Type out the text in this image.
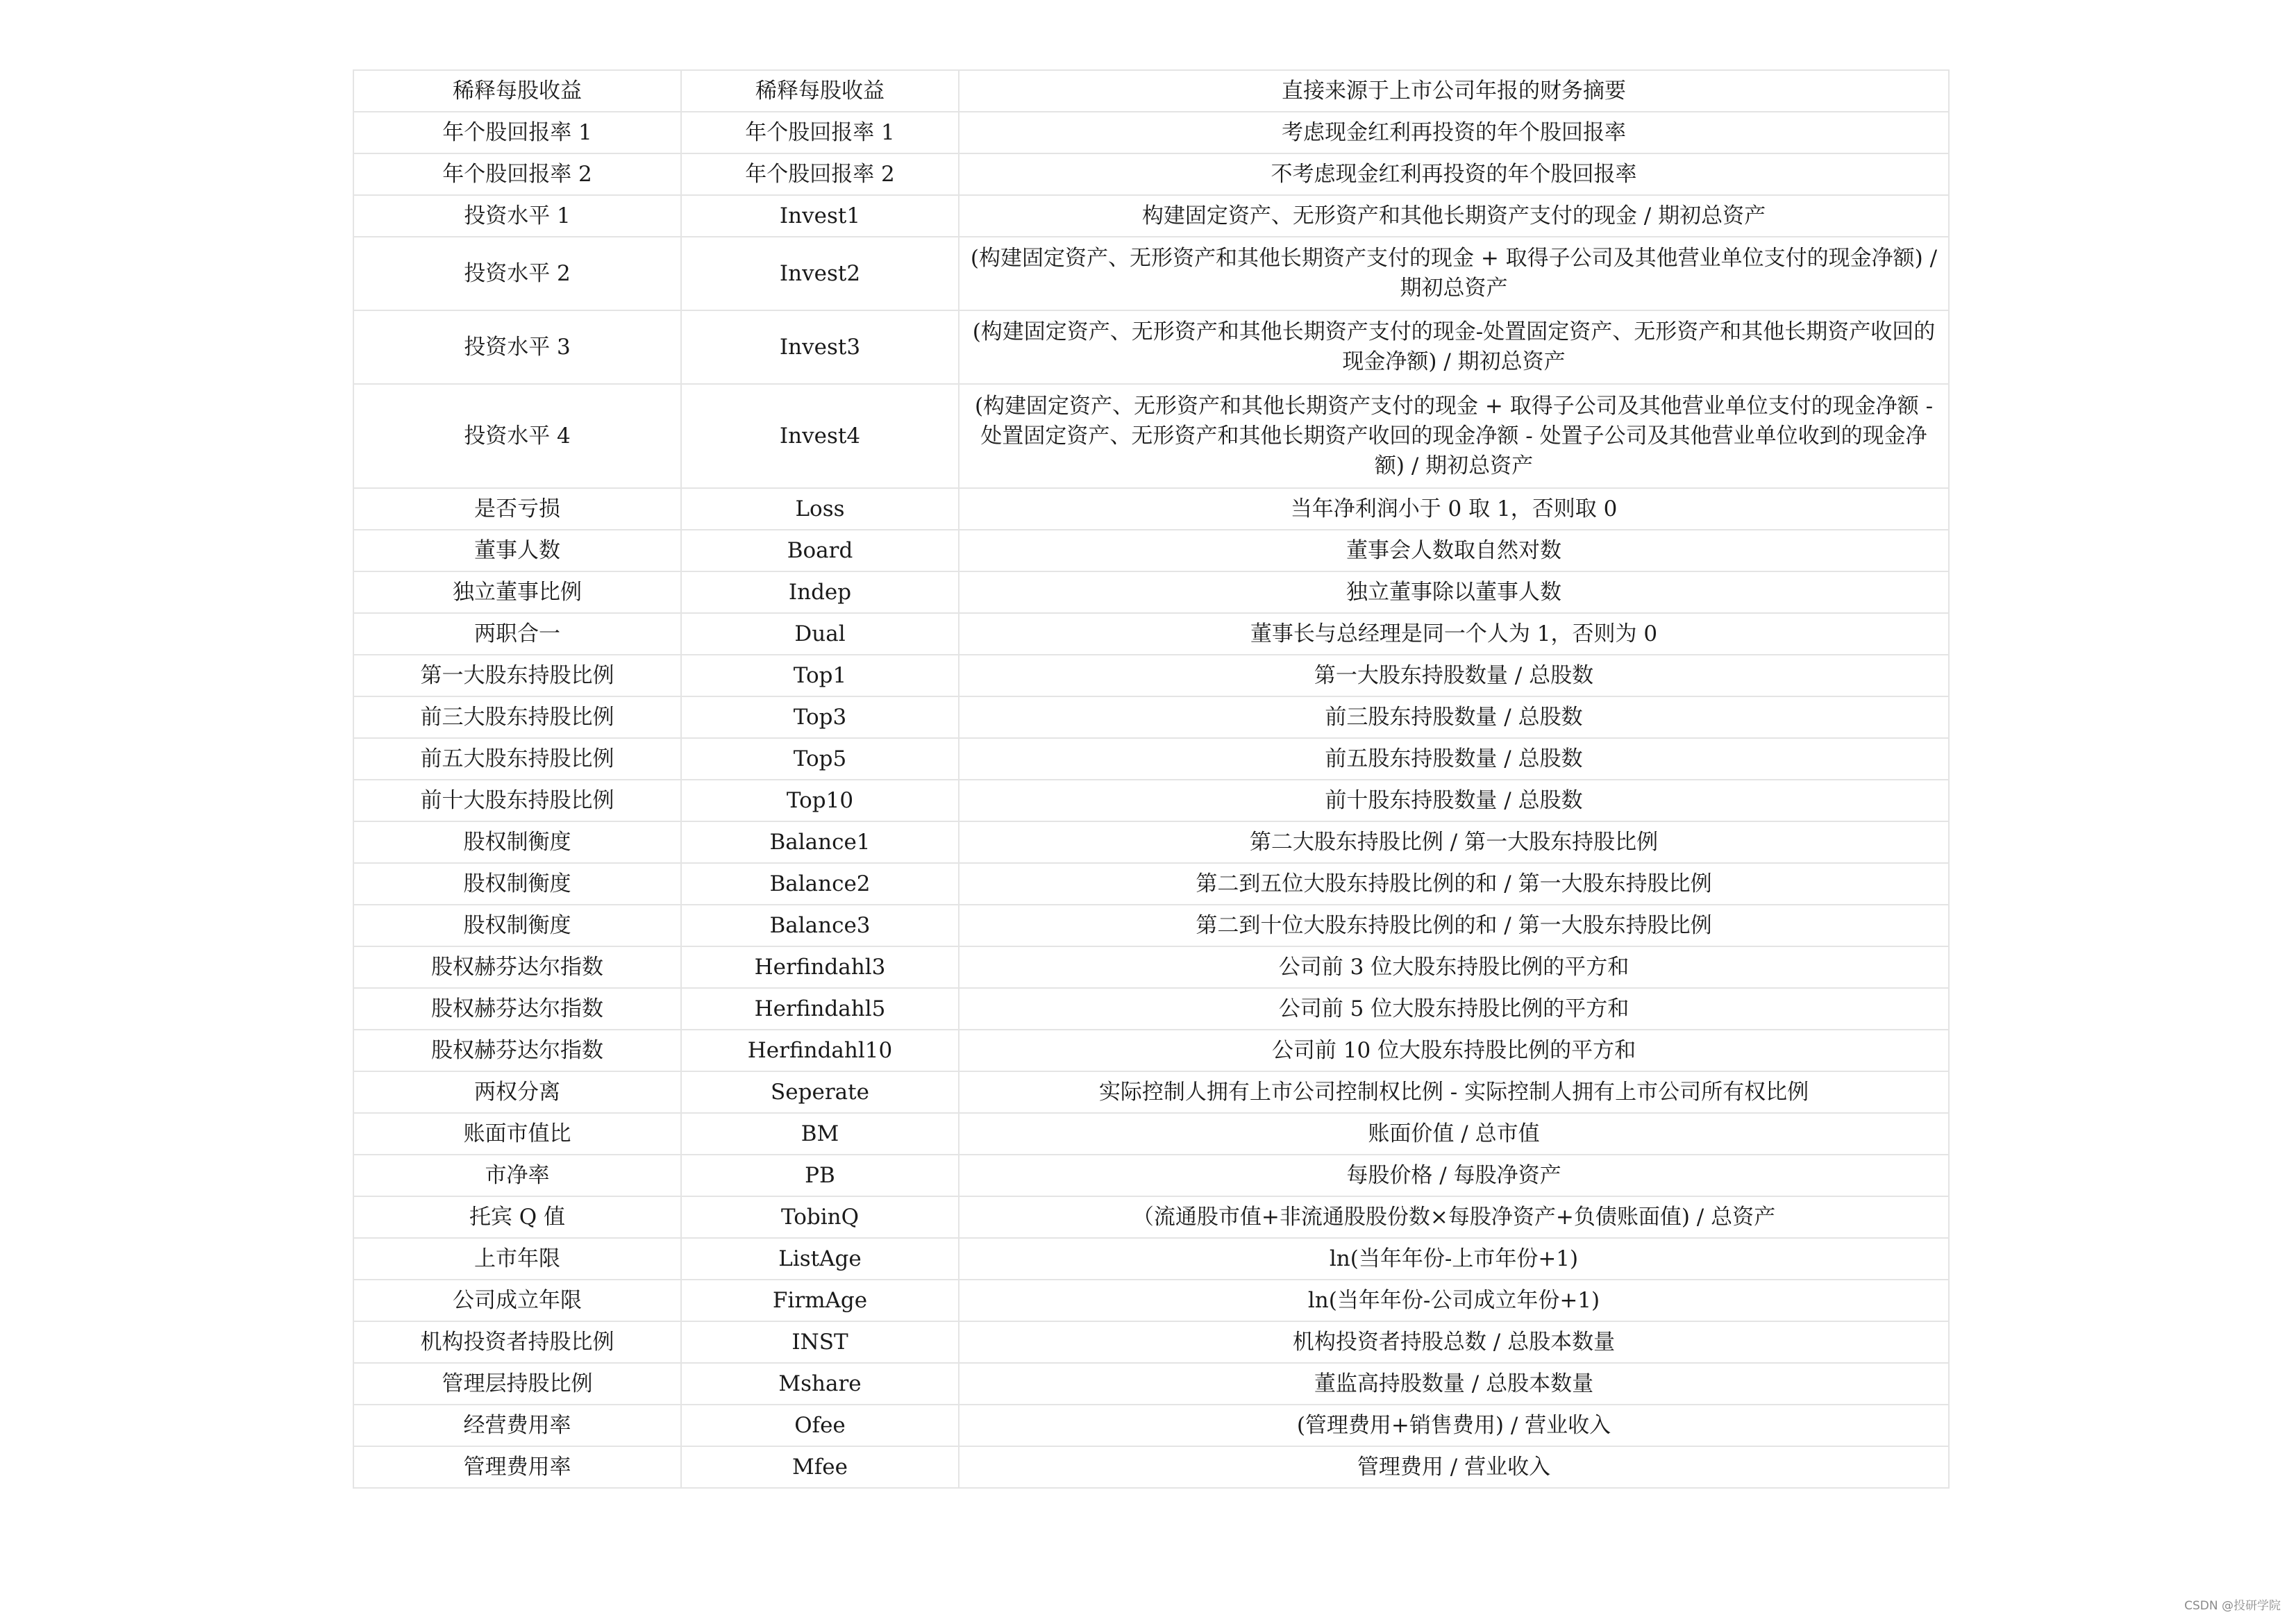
稀释每股收益	稀释每股收益	直接来源于上市公司年报的财务摘要
年个股回报率 1	年个股回报率 1	考虑现金红利再投资的年个股回报率
年个股回报率 2	年个股回报率 2	不考虑现金红利再投资的年个股回报率
投资水平 1	Invest1	构建固定资产、无形资产和其他长期资产支付的现金 / 期初总资产
投资水平 2	Invest2	(构建固定资产、无形资产和其他长期资产支付的现金 + 取得子公司及其他营业单位支付的现金净额) / 期初总资产
投资水平 3	Invest3	(构建固定资产、无形资产和其他长期资产支付的现金-处置固定资产、无形资产和其他长期资产收回的现金净额) / 期初总资产
投资水平 4	Invest4	(构建固定资产、无形资产和其他长期资产支付的现金 + 取得子公司及其他营业单位支付的现金净额 - 处置固定资产、无形资产和其他长期资产收回的现金净额 - 处置子公司及其他营业单位收到的现金净额) / 期初总资产
是否亏损	Loss	当年净利润小于 0 取 1，否则取 0
董事人数	Board	董事会人数取自然对数
独立董事比例	Indep	独立董事除以董事人数
两职合一	Dual	董事长与总经理是同一个人为 1，否则为 0
第一大股东持股比例	Top1	第一大股东持股数量 / 总股数
前三大股东持股比例	Top3	前三股东持股数量 / 总股数
前五大股东持股比例	Top5	前五股东持股数量 / 总股数
前十大股东持股比例	Top10	前十股东持股数量 / 总股数
股权制衡度	Balance1	第二大股东持股比例 / 第一大股东持股比例
股权制衡度	Balance2	第二到五位大股东持股比例的和 / 第一大股东持股比例
股权制衡度	Balance3	第二到十位大股东持股比例的和 / 第一大股东持股比例
股权赫芬达尔指数	Herfindahl3	公司前 3 位大股东持股比例的平方和
股权赫芬达尔指数	Herfindahl5	公司前 5 位大股东持股比例的平方和
股权赫芬达尔指数	Herfindahl10	公司前 10 位大股东持股比例的平方和
两权分离	Seperate	实际控制人拥有上市公司控制权比例 - 实际控制人拥有上市公司所有权比例
账面市值比	BM	账面价值 / 总市值
市净率	PB	每股价格 / 每股净资产
托宾 Q 值	TobinQ	（流通股市值+非流通股股份数×每股净资产+负债账面值) / 总资产
上市年限	ListAge	ln(当年年份-上市年份+1)
公司成立年限	FirmAge	ln(当年年份-公司成立年份+1)
机构投资者持股比例	INST	机构投资者持股总数 / 总股本数量
管理层持股比例	Mshare	董监高持股数量 / 总股本数量
经营费用率	Ofee	(管理费用+销售费用) / 营业收入
管理费用率	Mfee	管理费用 / 营业收入
CSDN @投研学院
